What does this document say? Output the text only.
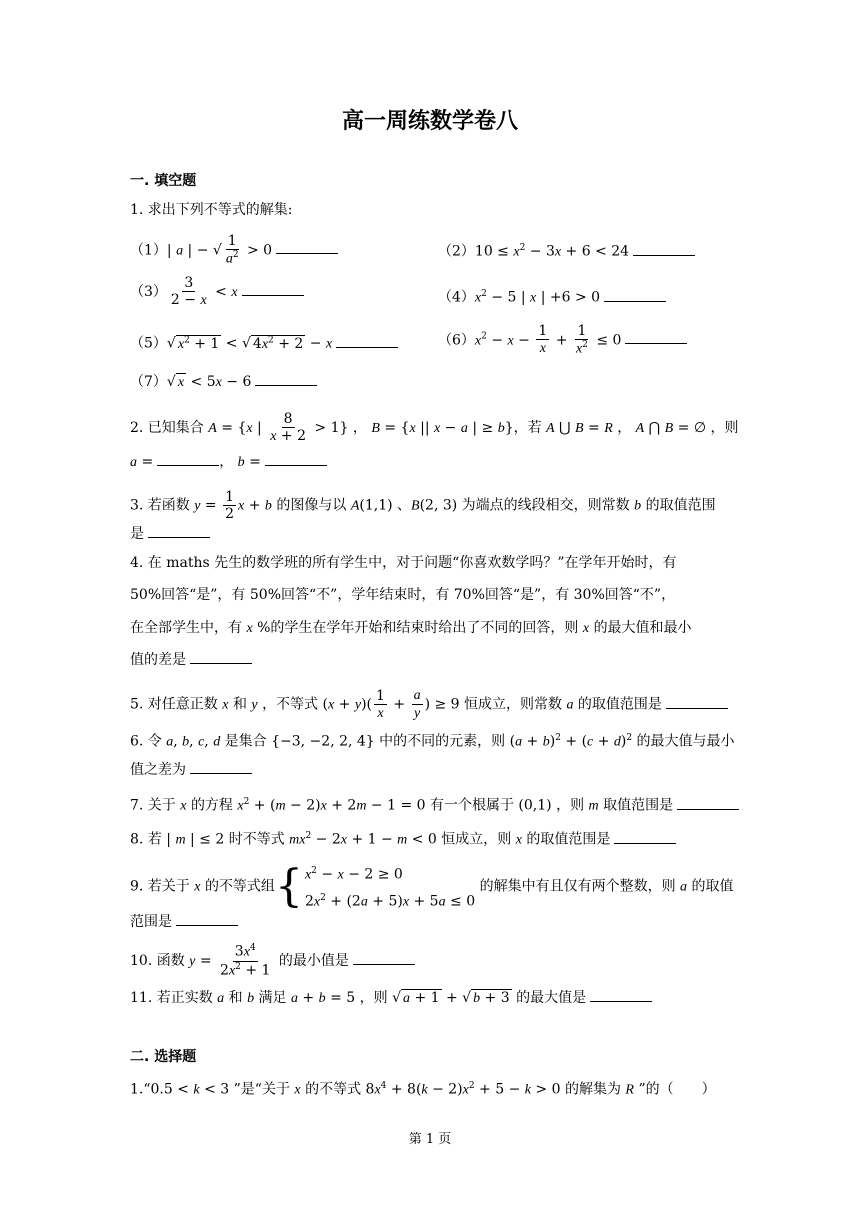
高一周练数学卷八
一. 填空题
1. 求出下列不等式的解集:
（1）| a | − √ $\frac{1}{a^2} > 0$	$(2)10 \le x^2 - 3x + 6 < 24$
$(3) \frac{3}{2 - x} < x$	$(4)x^2 - 5$ | x | +6 > 0
（5）√ $x^2 + 1$ < √ $4x^2 + 2 - x$	$(6)x^2 - x - \frac{1}{x} + \frac{1}{x^2} \le 0$
（7）√ x < 5x − 6
2. 已知集合 A = {x | $\frac{8}{x + 2} > 1$} ， B = {x || x − a | ≥ b}，若 A ⋃ B = R ， A ⋂ B = ∅ ，则
a =	， b =
3. 若函数 $y = \frac{1}{2}$ x + b 的图像与以 A(1,1) 、B(2, 3) 为端点的线段相交，则常数 b 的取值范围
是
4. 在 maths 先生的数学班的所有学生中，对于问题“你喜欢数学吗？”在学年开始时，有
50%回答“是”，有 50%回答“不”，学年结束时，有 70%回答“是”，有 30%回答“不”，
在全部学生中，有 x %的学生在学年开始和结束时给出了不同的回答，则 x 的最大值和最小
值的差是
5. 对任意正数 x 和 y ，不等式 $(x + y)( \frac{1}{x} + \frac{a}{y}$ ) ≥ 9 恒成立，则常数 a 的取值范围是
6. 令 a, b, c, d 是集合 {−3, −2, 2, 4} 中的不同的元素，则 $(a + b)^2 + (c + d)^2$ 的最大值与最小
值之差为
7. 关于 x 的方程 $x^2 + (m - 2)x + 2m - 1 = 0$ 有一个根属于 (0,1) ，则 m 取值范围是
8. 若 | m | ≤ 2 时不等式 $mx^2 - 2x + 1 - m < 0$ 恒成立，则 x 的取值范围是
9. 若关于 x 的不等式组 { $x^2 - x - 2 \ge 0$
$2x^2 + (2a + 5)x + 5a \le 0$
的解集中有且仅有两个整数，则 a 的取值
范围是
10. 函数 $y = \frac{3x^4}{2x^2 + 1}$ 的最小值是
11. 若正实数 a 和 b 满足 a + b = 5 ，则 √ a + 1 + √ b + 3 的最大值是
二. 选择题
1.“0.5 < k < 3 ”是“关于 x 的不等式 $8x^4 + 8(k - 2)x^2 + 5 - k > 0$ 的解集为 R ”的（　　）
第 1 页
